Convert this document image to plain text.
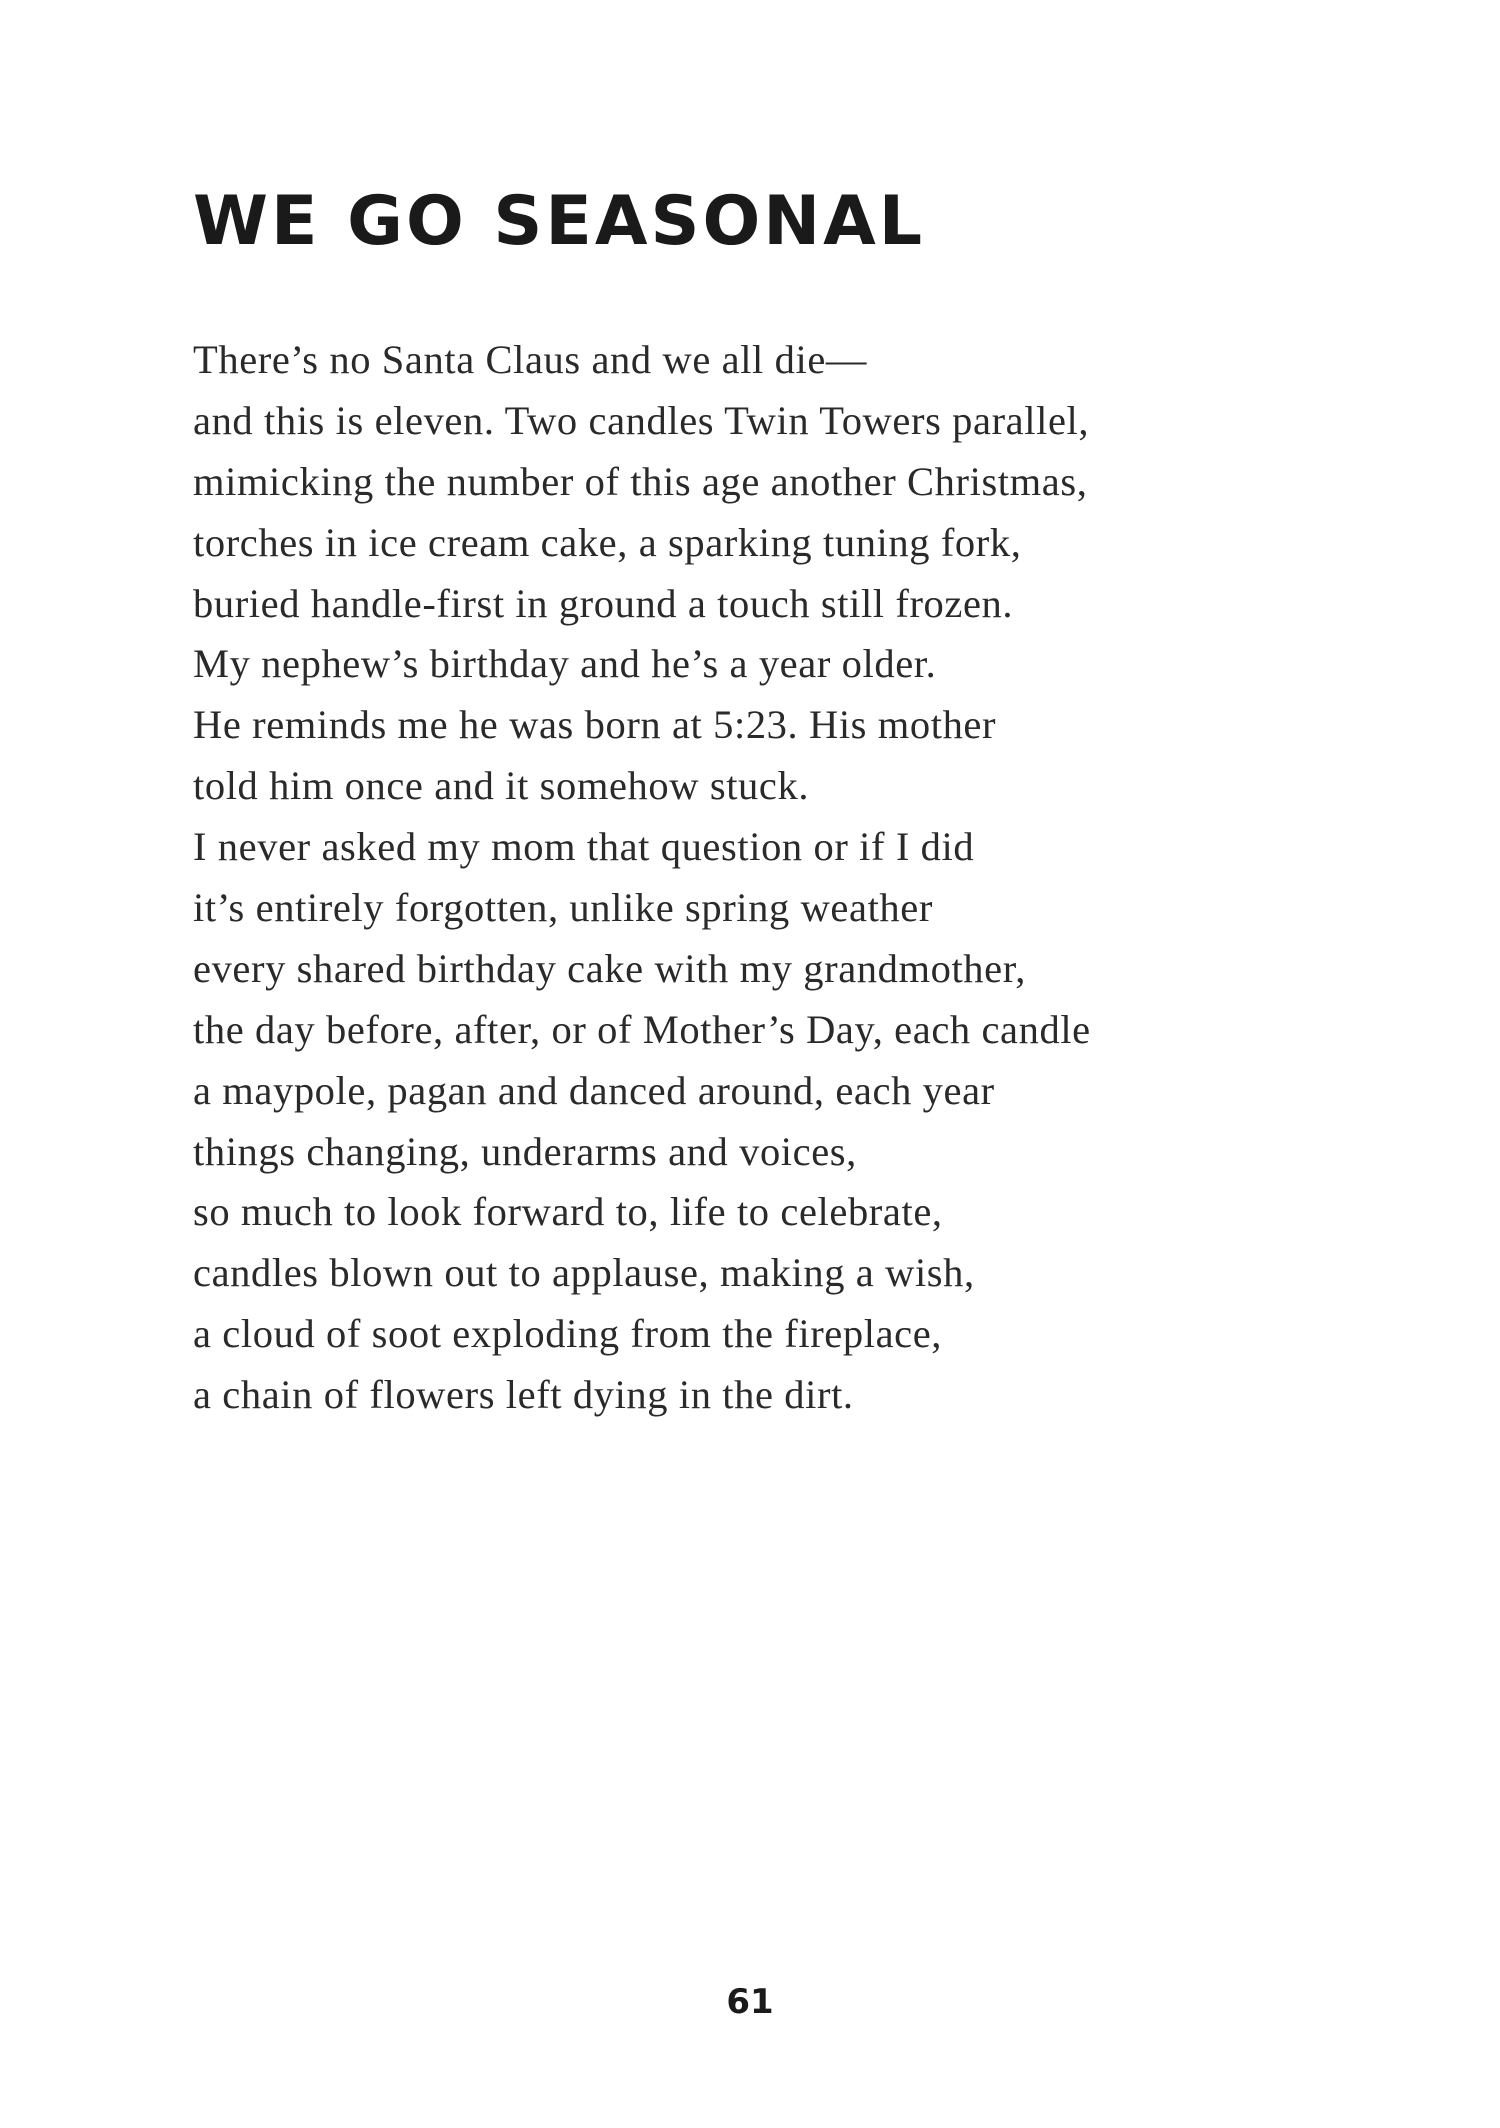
WE GO SEASONAL
There’s no Santa Claus and we all die—
and this is eleven. Two candles Twin Towers parallel,
mimicking the number of this age another Christmas,
torches in ice cream cake, a sparking tuning fork,
buried handle-first in ground a touch still frozen.
My nephew’s birthday and he’s a year older.
He reminds me he was born at 5:23. His mother
told him once and it somehow stuck.
I never asked my mom that question or if I did
it’s entirely forgotten, unlike spring weather
every shared birthday cake with my grandmother,
the day before, after, or of Mother’s Day, each candle
a maypole, pagan and danced around, each year
things changing, underarms and voices,
so much to look forward to, life to celebrate,
candles blown out to applause, making a wish,
a cloud of soot exploding from the fireplace,
a chain of flowers left dying in the dirt.
61
